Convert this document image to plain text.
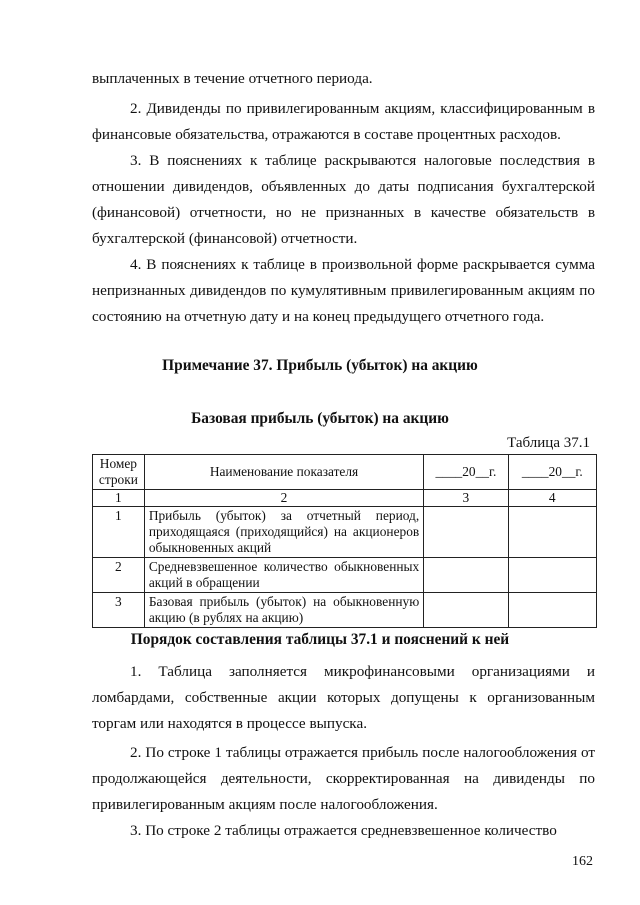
выплаченных в течение отчетного периода.

2. Дивиденды по привилегированным акциям, классифицированным в финансовые обязательства, отражаются в составе процентных расходов.

3. В пояснениях к таблице раскрываются налоговые последствия в отношении дивидендов, объявленных до даты подписания бухгалтерской (финансовой) отчетности, но не признанных в качестве обязательств в бухгалтерской (финансовой) отчетности.

4. В пояснениях к таблице в произвольной форме раскрывается сумма непризнанных дивидендов по кумулятивным привилегированным акциям по состоянию на отчетную дату и на конец предыдущего отчетного года.

Примечание 37. Прибыль (убыток) на акцию

Базовая прибыль (убыток) на акцию

Таблица 37.1
Номер строки	Наименование показателя	____20__г.	____20__г.
1	2	3	4
1	Прибыль (убыток) за отчетный период, приходящаяся (приходящийся) на акционеров обыкновенных акций		
2	Средневзвешенное количество обыкновенных акций в обращении		
3	Базовая прибыль (убыток) на обыкновенную акцию (в рублях на акцию)		

Порядок составления таблицы 37.1 и пояснений к ней

1. Таблица заполняется микрофинансовыми организациями и ломбардами, собственные акции которых допущены к организованным торгам или находятся в процессе выпуска.

2. По строке 1 таблицы отражается прибыль после налогообложения от продолжающейся деятельности, скорректированная на дивиденды по привилегированным акциям после налогообложения.

3. По строке 2 таблицы отражается средневзвешенное количество

162
